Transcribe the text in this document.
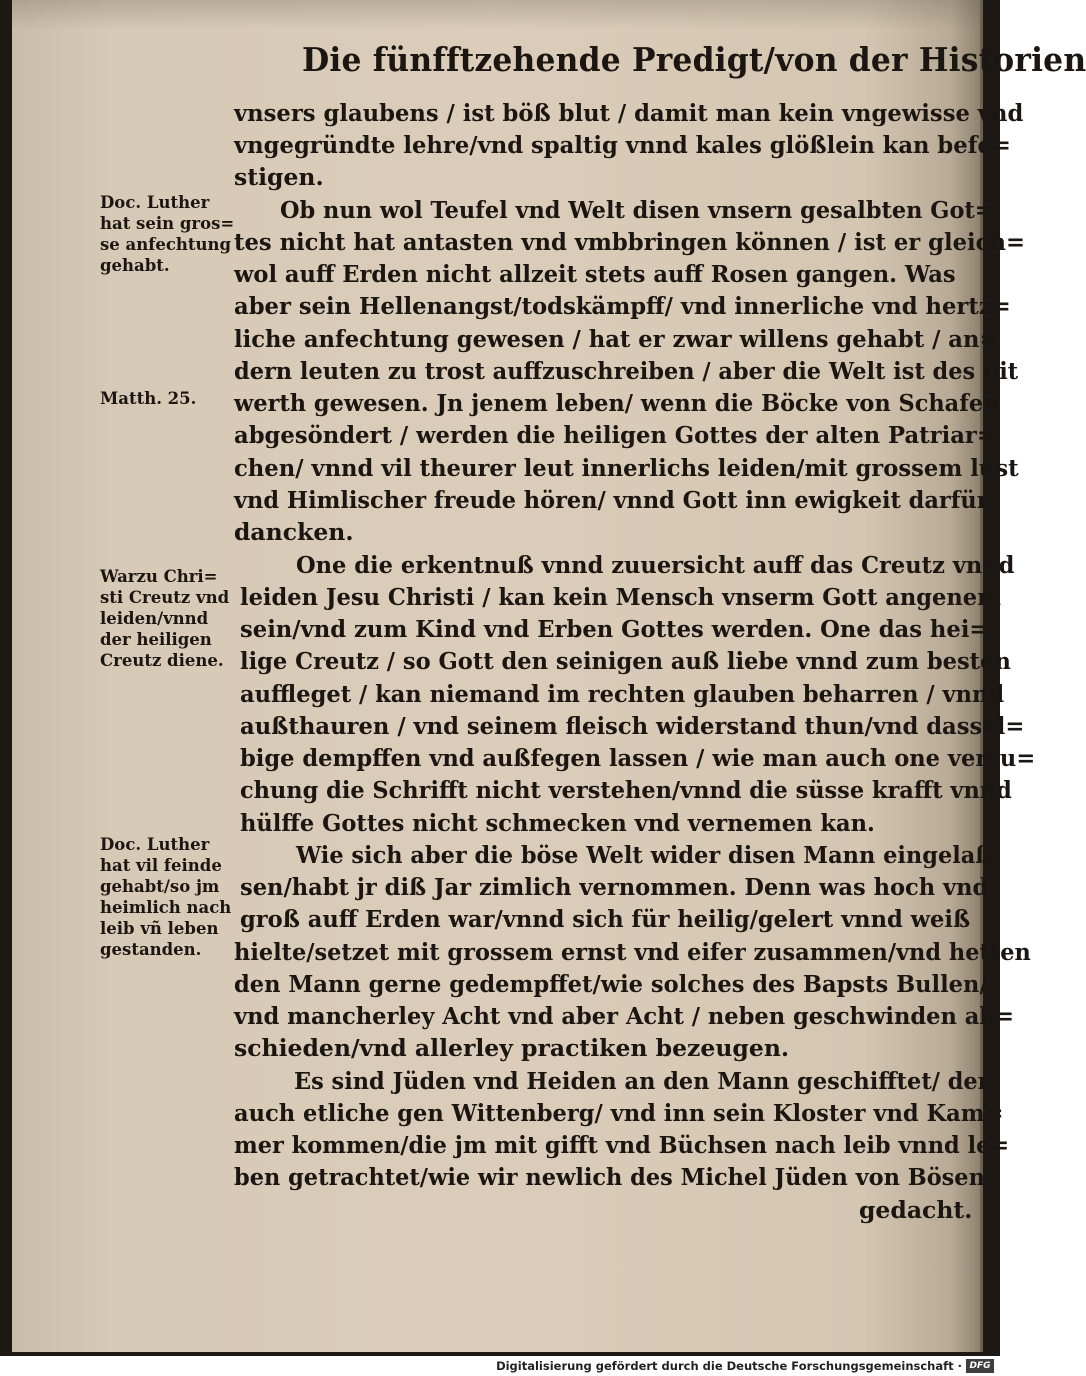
Die fünfftzehende Predigt/von der Historien
vnsers glaubens / ist böß blut / damit man kein vngewisse vnd
vngegründte lehre/vnd spaltig vnnd kales glößlein kan befe=
stigen.
Ob nun wol Teufel vnd Welt disen vnsern gesalbten Got=
tes nicht hat antasten vnd vmbbringen können / ist er gleich=
wol auff Erden nicht allzeit stets auff Rosen gangen. Was
aber sein Hellenangst/todskämpff/ vnd innerliche vnd hertz=
liche anfechtung gewesen / hat er zwar willens gehabt / an=
dern leuten zu trost auffzuschreiben / aber die Welt ist des nit
werth gewesen. Jn jenem leben/ wenn die Böcke von Schafen
abgesöndert / werden die heiligen Gottes der alten Patriar=
chen/ vnnd vil theurer leut innerlichs leiden/mit grossem lust
vnd Himlischer freude hören/ vnnd Gott inn ewigkeit darfür
dancken.
One die erkentnuß vnnd zuuersicht auff das Creutz vnnd
leiden Jesu Christi / kan kein Mensch vnserm Gott angenem
sein/vnd zum Kind vnd Erben Gottes werden. One das hei=
lige Creutz / so Gott den seinigen auß liebe vnnd zum besten
auffleget / kan niemand im rechten glauben beharren / vnnd
außthauren / vnd seinem fleisch widerstand thun/vnd dassel=
bige dempffen vnd außfegen lassen / wie man auch one versu=
chung die Schrifft nicht verstehen/vnnd die süsse krafft vnnd
hülffe Gottes nicht schmecken vnd vernemen kan.
Wie sich aber die böse Welt wider disen Mann eingelaß
sen/habt jr diß Jar zimlich vernommen. Denn was hoch vnd
groß auff Erden war/vnnd sich für heilig/gelert vnnd weiß
hielte/setzet mit grossem ernst vnd eifer zusammen/vnd hetten
den Mann gerne gedempffet/wie solches des Bapsts Bullen/
vnd mancherley Acht vnd aber Acht / neben geschwinden ab=
schieden/vnd allerley practiken bezeugen.
Es sind Jüden vnd Heiden an den Mann geschifftet/ der
auch etliche gen Wittenberg/ vnd inn sein Kloster vnd Kam=
mer kommen/die jm mit gifft vnd Büchsen nach leib vnnd le=
ben getrachtet/wie wir newlich des Michel Jüden von Bösen
gedacht.
Doc. Luther
hat sein gros=
se anfechtung
gehabt.
Matth. 25.
Warzu Chri=
sti Creutz vnd
leiden/vnnd
der heiligen
Creutz diene.
Doc. Luther
hat vil feinde
gehabt/so jm
heimlich nach
leib vñ leben
gestanden.
Digitalisierung gefördert durch die Deutsche Forschungsgemeinschaft · DFG
